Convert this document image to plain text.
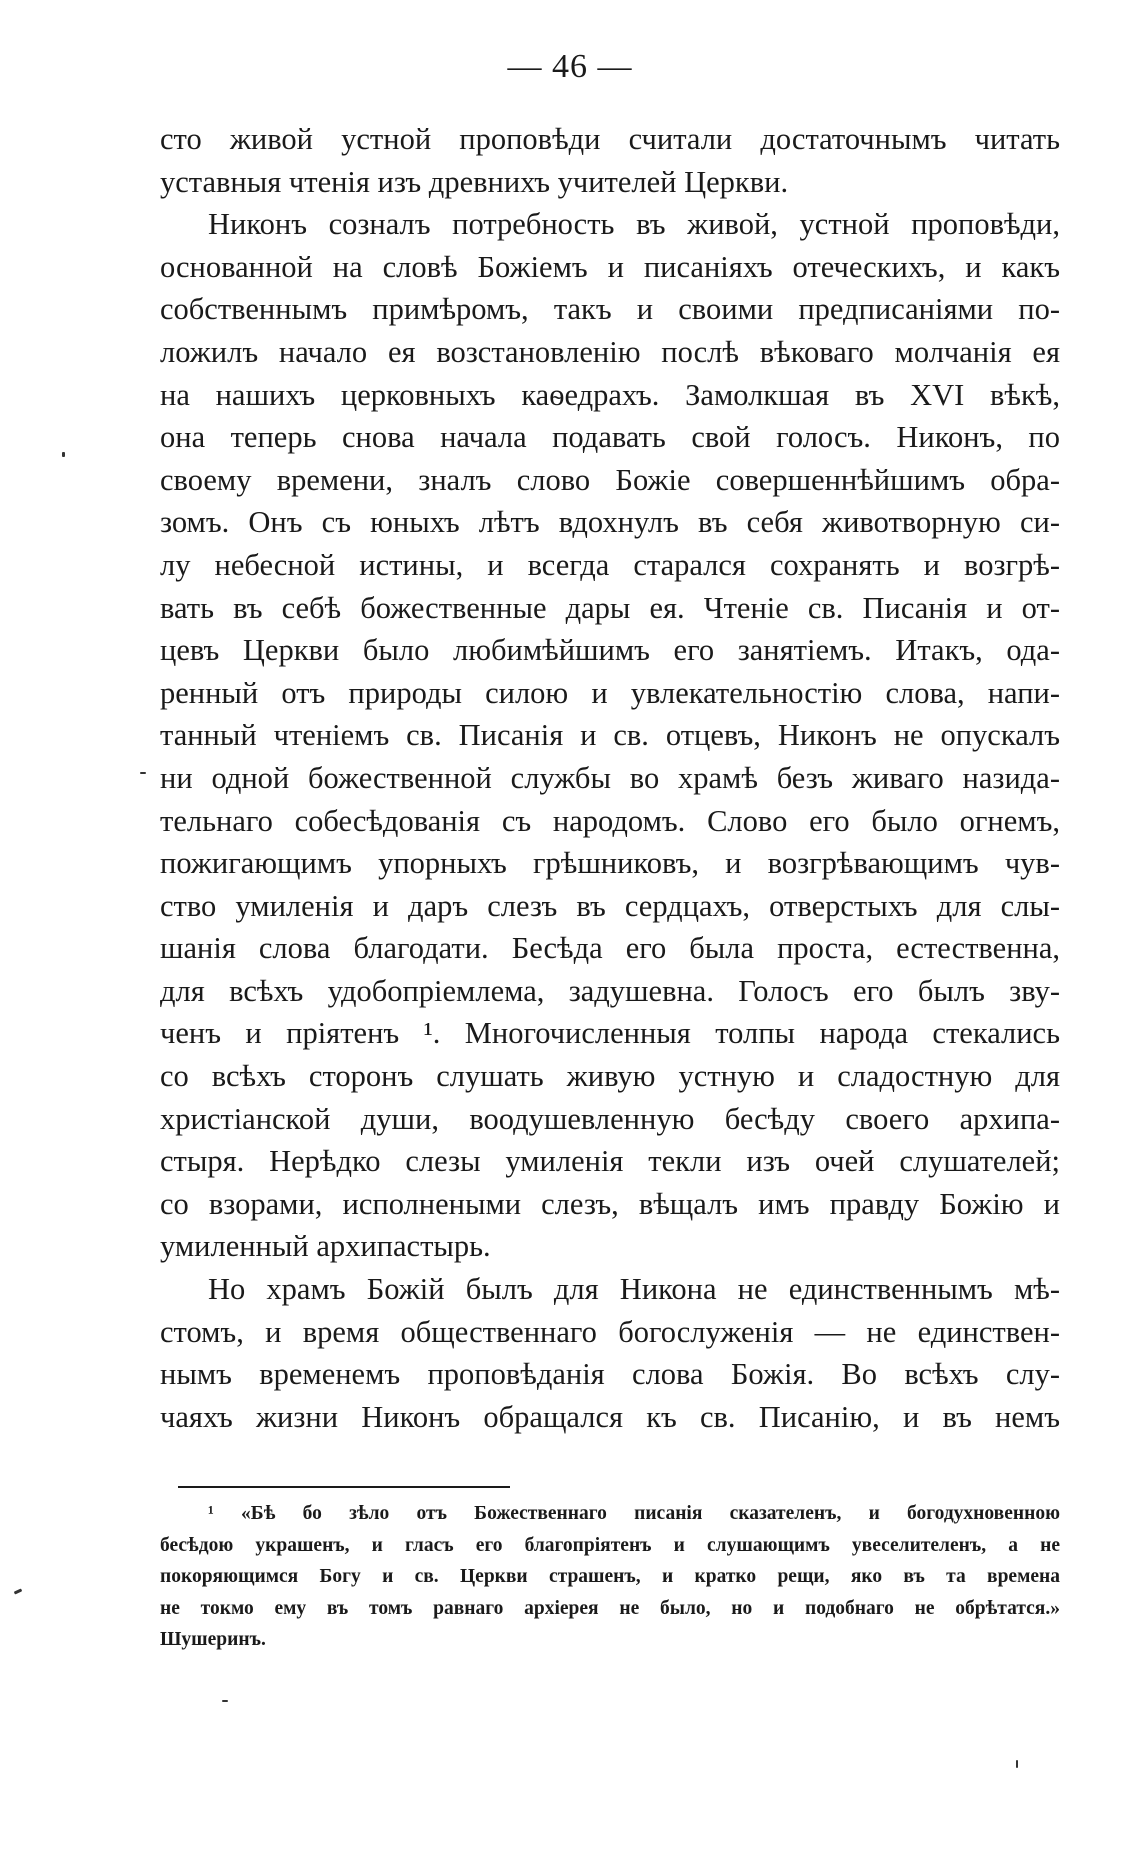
— 46 —
сто живой устной проповѣди считали достаточнымъ читать
уставныя чтенія изъ древнихъ учителей Церкви.
Никонъ созналъ потребность въ живой, устной проповѣди,
основанной на словѣ Божіемъ и писаніяхъ отеческихъ, и какъ
собственнымъ примѣромъ, такъ и своими предписаніями по-
ложилъ начало ея возстановленію послѣ вѣковаго молчанія ея
на нашихъ церковныхъ каѳедрахъ. Замолкшая въ XVI вѣкѣ,
она теперь снова начала подавать свой голосъ. Никонъ, по
своему времени, зналъ слово Божіе совершеннѣйшимъ обра-
зомъ. Онъ съ юныхъ лѣтъ вдохнулъ въ себя животворную си-
лу небесной истины, и всегда старался сохранять и возгрѣ-
вать въ себѣ божественные дары ея. Чтеніе св. Писанія и от-
цевъ Церкви было любимѣйшимъ его занятіемъ. Итакъ, ода-
ренный отъ природы силою и увлекательностію слова, напи-
танный чтеніемъ св. Писанія и св. отцевъ, Никонъ не опускалъ
ни одной божественной службы во храмѣ безъ живаго назида-
тельнаго собесѣдованія съ народомъ. Слово его было огнемъ,
пожигающимъ упорныхъ грѣшниковъ, и возгрѣвающимъ чув-
ство умиленія и даръ слезъ въ сердцахъ, отверстыхъ для слы-
шанія слова благодати. Бесѣда его была проста, естественна,
для всѣхъ удобопріемлема, задушевна. Голосъ его былъ зву-
ченъ и пріятенъ ¹. Многочисленныя толпы народа стекались
со всѣхъ сторонъ слушать живую устную и сладостную для
христіанской души, воодушевленную бесѣду своего архипа-
стыря. Нерѣдко слезы умиленія текли изъ очей слушателей;
со взорами, исполнеными слезъ, вѣщалъ имъ правду Божію и
умиленный архипастырь.
Но храмъ Божій былъ для Никона не единственнымъ мѣ-
стомъ, и время общественнаго богослуженія — не единствен-
нымъ временемъ проповѣданія слова Божія. Во всѣхъ слу-
чаяхъ жизни Никонъ обращался къ св. Писанію, и въ немъ
¹ «Бѣ бо зѣло отъ Божественнаго писанія сказателенъ, и богодухновенною
бесѣдою украшенъ, и гласъ его благопріятенъ и слушающимъ увеселителенъ, а не
покоряющимся Богу и св. Церкви страшенъ, и кратко рещи, яко въ та времена
не токмо ему въ томъ равнаго архіерея не было, но и подобнаго не обрѣтатся.»
Шушеринъ.
